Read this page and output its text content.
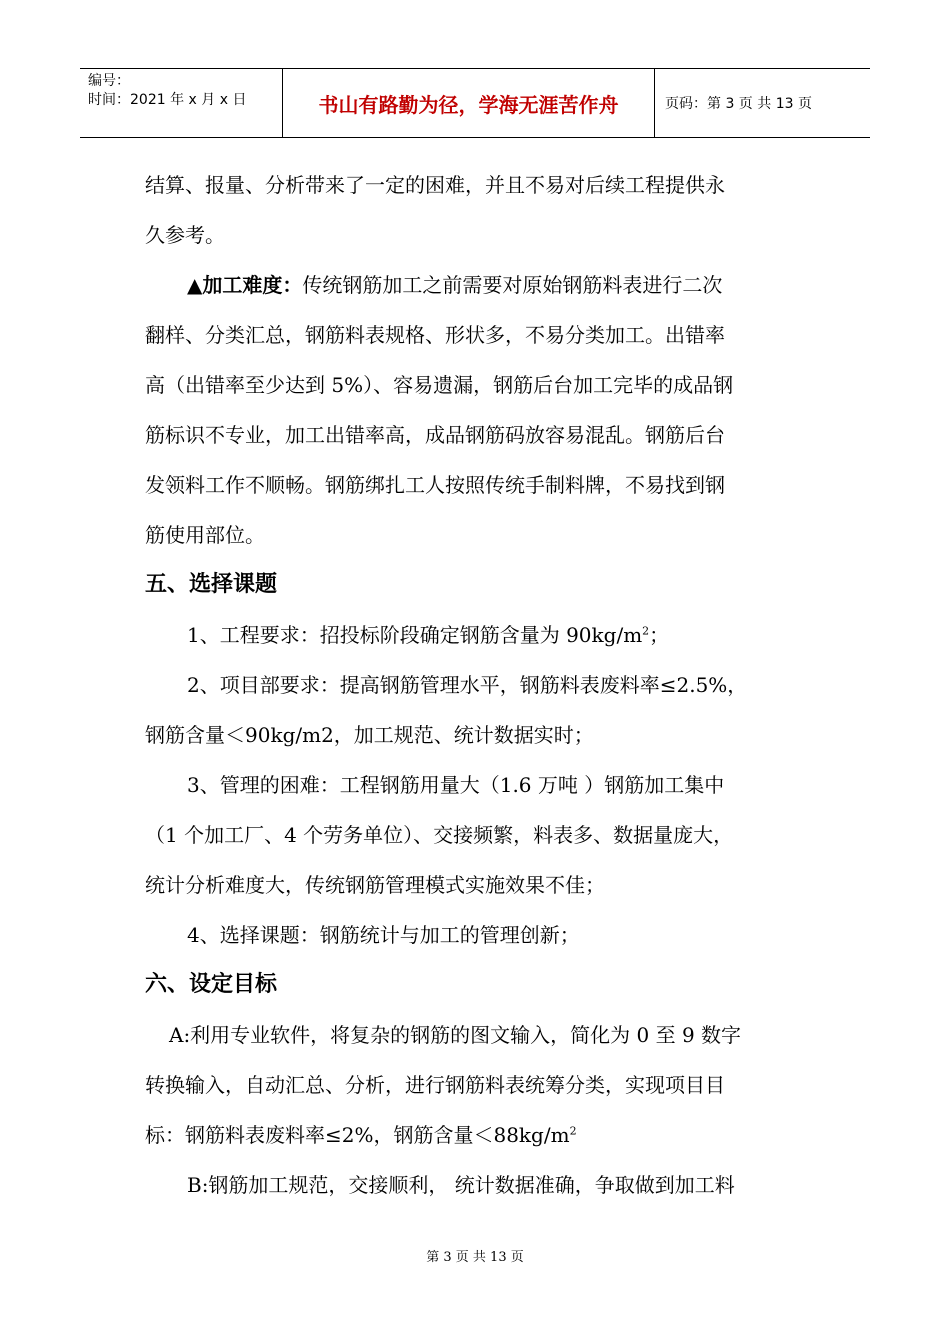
编号：
时间：2021 年 x 月 x 日	书山有路勤为径，学海无涯苦作舟	页码：第 3 页 共 13 页

结算、报量、分析带来了一定的困难，并且不易对后续工程提供永

久参考。

▲加工难度：传统钢筋加工之前需要对原始钢筋料表进行二次

翻样、分类汇总，钢筋料表规格、形状多，不易分类加工。出错率

高（出错率至少达到 5%）、容易遗漏，钢筋后台加工完毕的成品钢

筋标识不专业，加工出错率高，成品钢筋码放容易混乱。钢筋后台

发领料工作不顺畅。钢筋绑扎工人按照传统手制料牌，不易找到钢

筋使用部位。

五、选择课题

1、工程要求：招投标阶段确定钢筋含量为 $90kg/m^2$；

2、项目部要求：提高钢筋管理水平，钢筋料表废料率≤2.5%，

钢筋含量＜90kg/m2，加工规范、统计数据实时；

3、管理的困难：工程钢筋用量大（1.6 万吨 ）钢筋加工集中

（1 个加工厂、4 个劳务单位）、交接频繁，料表多、数据量庞大，

统计分析难度大，传统钢筋管理模式实施效果不佳；

4、选择课题：钢筋统计与加工的管理创新；

六、设定目标

A:利用专业软件，将复杂的钢筋的图文输入，简化为 0 至 9 数字

转换输入，自动汇总、分析，进行钢筋料表统筹分类，实现项目目

标：钢筋料表废料率≤2%，钢筋含量$<88kg/m^2$

B:钢筋加工规范，交接顺利， 统计数据准确，争取做到加工料

第 3 页 共 13 页
